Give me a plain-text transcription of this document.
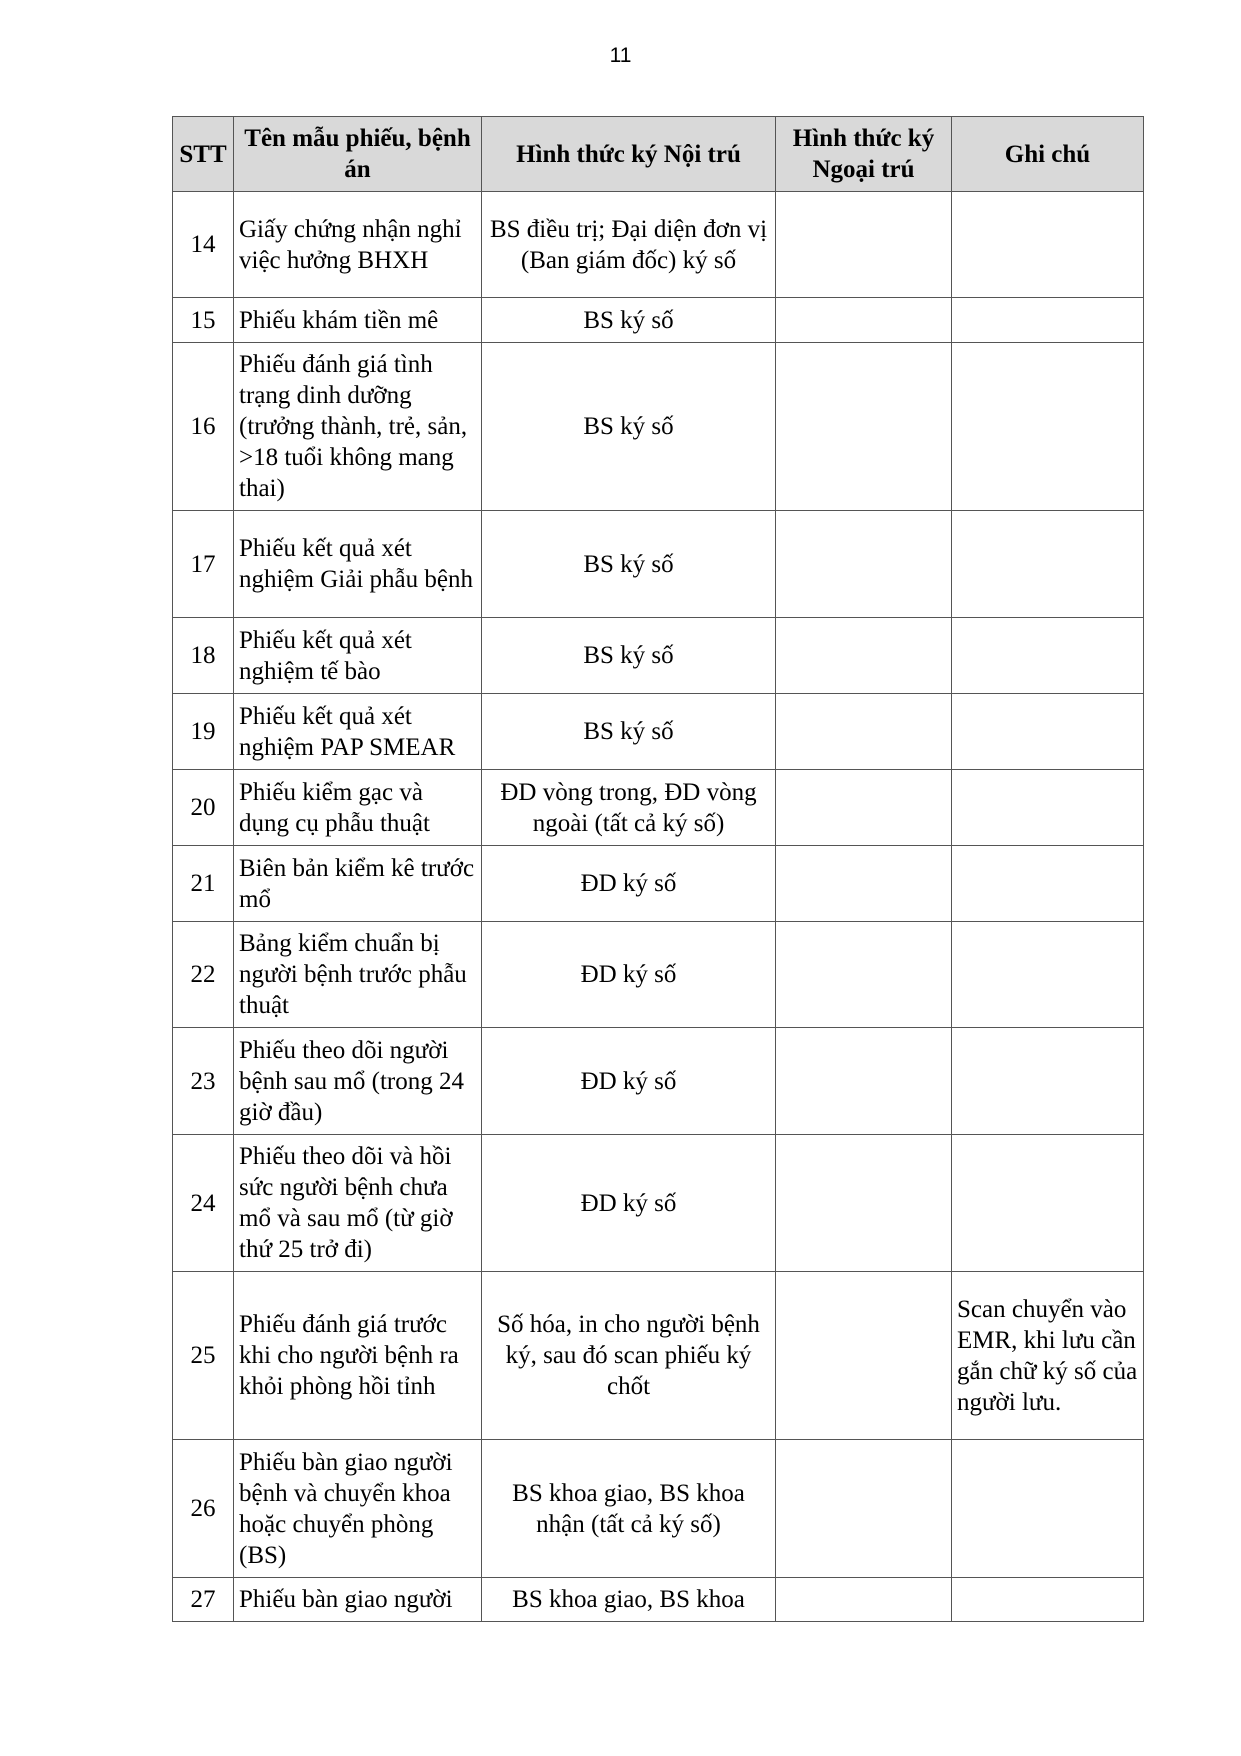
11
STT	Tên mẫu phiếu, bệnh án	Hình thức ký Nội trú	Hình thức ký Ngoại trú	Ghi chú
14	Giấy chứng nhận nghỉ việc hưởng BHXH	BS điều trị; Đại diện đơn vị (Ban giám đốc) ký số		
15	Phiếu khám tiền mê	BS ký số		
16	Phiếu đánh giá tình trạng dinh dưỡng (trưởng thành, trẻ, sản, >18 tuổi không mang thai)	BS ký số		
17	Phiếu kết quả xét nghiệm Giải phẫu bệnh	BS ký số		
18	Phiếu kết quả xét nghiệm tế bào	BS ký số		
19	Phiếu kết quả xét nghiệm PAP SMEAR	BS ký số		
20	Phiếu kiểm gạc và dụng cụ phẫu thuật	ĐD vòng trong, ĐD vòng ngoài (tất cả ký số)		
21	Biên bản kiểm kê trước mổ	ĐD ký số		
22	Bảng kiểm chuẩn bị người bệnh trước phẫu thuật	ĐD ký số		
23	Phiếu theo dõi người bệnh sau mổ (trong 24 giờ đầu)	ĐD ký số		
24	Phiếu theo dõi và hồi sức người bệnh chưa mổ và sau mổ (từ giờ thứ 25 trở đi)	ĐD ký số		
25	Phiếu đánh giá trước khi cho người bệnh ra khỏi phòng hồi tỉnh	Số hóa, in cho người bệnh ký, sau đó scan phiếu ký chốt		Scan chuyển vào EMR, khi lưu cần gắn chữ ký số của người lưu.
26	Phiếu bàn giao người bệnh và chuyển khoa hoặc chuyển phòng (BS)	BS khoa giao, BS khoa nhận (tất cả ký số)		
27	Phiếu bàn giao người	BS khoa giao, BS khoa		
